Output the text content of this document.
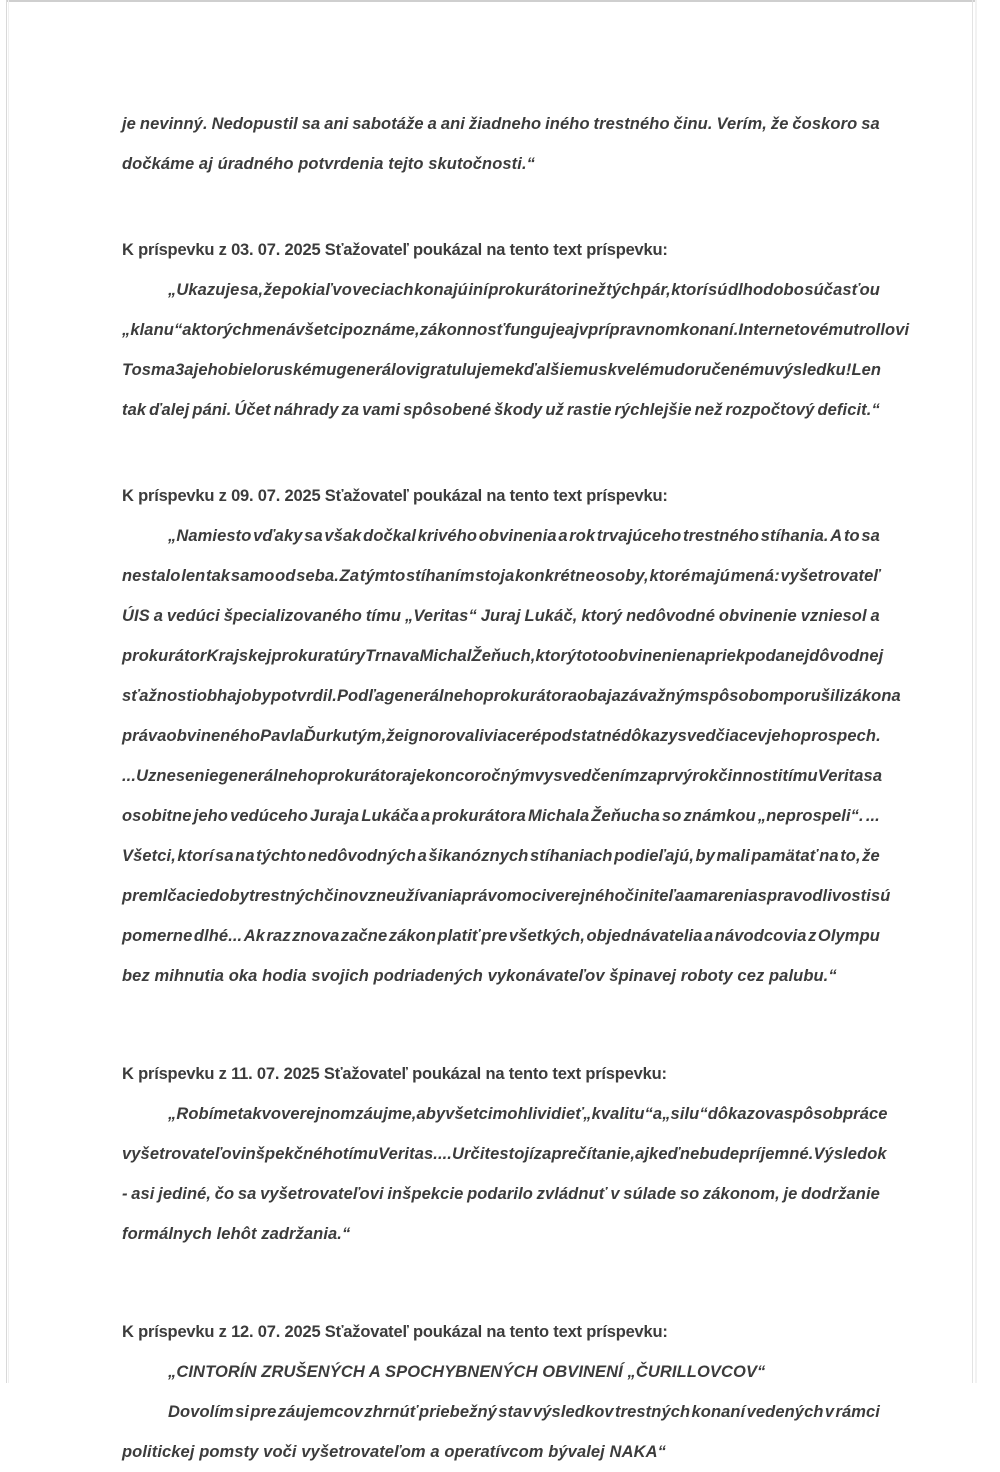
je nevinný. Nedopustil sa ani sabotáže a ani žiadneho iného trestného činu. Verím, že čoskoro sa
dočkáme aj úradného potvrdenia tejto skutočnosti.“
K príspevku z 03. 07. 2025 Sťažovateľ poukázal na tento text príspevku:
„Ukazuje sa, že pokiaľ vo veciach konajú iní prokurátori než tých pár, ktorí sú dlhodobo súčasťou
„klanu“ a ktorých mená všetci poznáme, zákonnosť funguje aj v prípravnom konaní. Internetovému trollovi
Tosma3 a jeho bieloruskému generálovi gratulujeme k ďalšiemu skvelému doručenému výsledku! Len
tak ďalej páni. Účet náhrady za vami spôsobené škody už rastie rýchlejšie než rozpočtový deficit.“
K príspevku z 09. 07. 2025 Sťažovateľ poukázal na tento text príspevku:
„Namiesto vďaky sa však dočkal krivého obvinenia a rok trvajúceho trestného stíhania. A to sa
nestalo len tak samo od seba. Za týmto stíhaním stoja konkrétne osoby, ktoré majú mená: vyšetrovateľ
ÚIS a vedúci špecializovaného tímu „Veritas“ Juraj Lukáč, ktorý nedôvodné obvinenie vzniesol a
prokurátor Krajskej prokuratúry Trnava Michal Žeňuch, ktorý toto obvinenie napriek podanej dôvodnej
sťažnosti obhajoby potvrdil. Podľa generálneho prokurátora obaja závažným spôsobom porušili zákon a
práva obvineného Pavla Ďurku tým, že ignorovali viaceré podstatné dôkazy svedčiace v jeho prospech.
... Uznesenie generálneho prokurátora je koncoročným vysvedčením za prvý rok činnosti tímu Veritas a
osobitne jeho vedúceho Juraja Lukáča a prokurátora Michala Žeňucha so známkou „neprospeli“. ...
Všetci, ktorí sa na týchto nedôvodných a šikanóznych stíhaniach podieľajú, by mali pamätať na to, že
premlčacie doby trestných činov zneužívania právomoci verejného činiteľa a marenia spravodlivosti sú
pomerne dlhé... Ak raz znova začne zákon platiť pre všetkých, objednávatelia a návodcovia z Olympu
bez mihnutia oka hodia svojich podriadených vykonávateľov špinavej roboty cez palubu.“
K príspevku z 11. 07. 2025 Sťažovateľ poukázal na tento text príspevku:
„Robíme tak vo verejnom záujme, aby všetci mohli vidieť „kvalitu“ a „silu“ dôkazov a spôsob práce
vyšetrovateľov inšpekčného tímu Veritas. ... Určite stojí za prečítanie, aj keď nebude príjemné. Výsledok
- asi jediné, čo sa vyšetrovateľovi inšpekcie podarilo zvládnuť v súlade so zákonom, je dodržanie
formálnych lehôt zadržania.“
K príspevku z 12. 07. 2025 Sťažovateľ poukázal na tento text príspevku:
„CINTORÍN ZRUŠENÝCH A SPOCHYBNENÝCH OBVINENÍ „ČURILLOVCOV“
Dovolím si pre záujemcov zhrnúť priebežný stav výsledkov trestných konaní vedených v rámci
politickej pomsty voči vyšetrovateľom a operatívcom bývalej NAKA“
